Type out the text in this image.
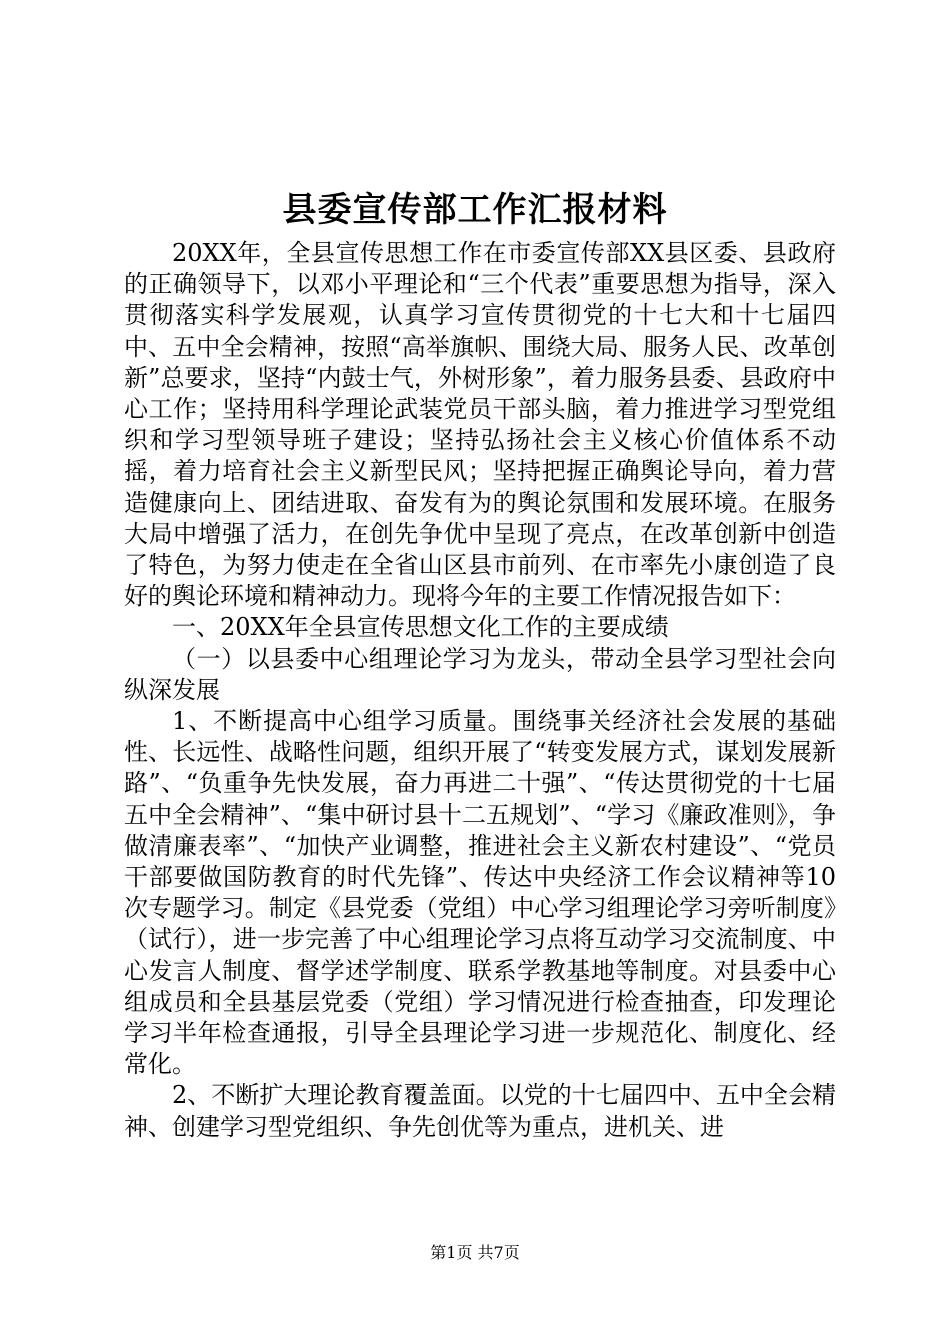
县委宣传部工作汇报材料

20XX年，全县宣传思想工作在市委宣传部XX县区委、县政府的正确领导下，以邓小平理论和“三个代表”重要思想为指导，深入贯彻落实科学发展观，认真学习宣传贯彻党的十七大和十七届四中、五中全会精神，按照“高举旗帜、围绕大局、服务人民、改革创新”总要求，坚持“内鼓士气，外树形象”，着力服务县委、县政府中心工作；坚持用科学理论武装党员干部头脑，着力推进学习型党组织和学习型领导班子建设；坚持弘扬社会主义核心价值体系不动摇，着力培育社会主义新型民风；坚持把握正确舆论导向，着力营造健康向上、团结进取、奋发有为的舆论氛围和发展环境。在服务大局中增强了活力，在创先争优中呈现了亮点，在改革创新中创造了特色，为努力使走在全省山区县市前列、在市率先小康创造了良好的舆论环境和精神动力。现将今年的主要工作情况报告如下：

一、20XX年全县宣传思想文化工作的主要成绩

（一）以县委中心组理论学习为龙头，带动全县学习型社会向纵深发展

1、不断提高中心组学习质量。围绕事关经济社会发展的基础性、长远性、战略性问题，组织开展了“转变发展方式，谋划发展新路”、“负重争先快发展，奋力再进二十强”、“传达贯彻党的十七届五中全会精神”、“集中研讨县十二五规划”、“学习《廉政准则》，争做清廉表率”、“加快产业调整，推进社会主义新农村建设”、“党员干部要做国防教育的时代先锋”、传达中央经济工作会议精神等10次专题学习。制定《县党委（党组）中心学习组理论学习旁听制度》（试行），进一步完善了中心组理论学习点将互动学习交流制度、中心发言人制度、督学述学制度、联系学教基地等制度。对县委中心组成员和全县基层党委（党组）学习情况进行检查抽查，印发理论学习半年检查通报，引导全县理论学习进一步规范化、制度化、经常化。

2、不断扩大理论教育覆盖面。以党的十七届四中、五中全会精神、创建学习型党组织、争先创优等为重点，进机关、进

第1页 共7页
